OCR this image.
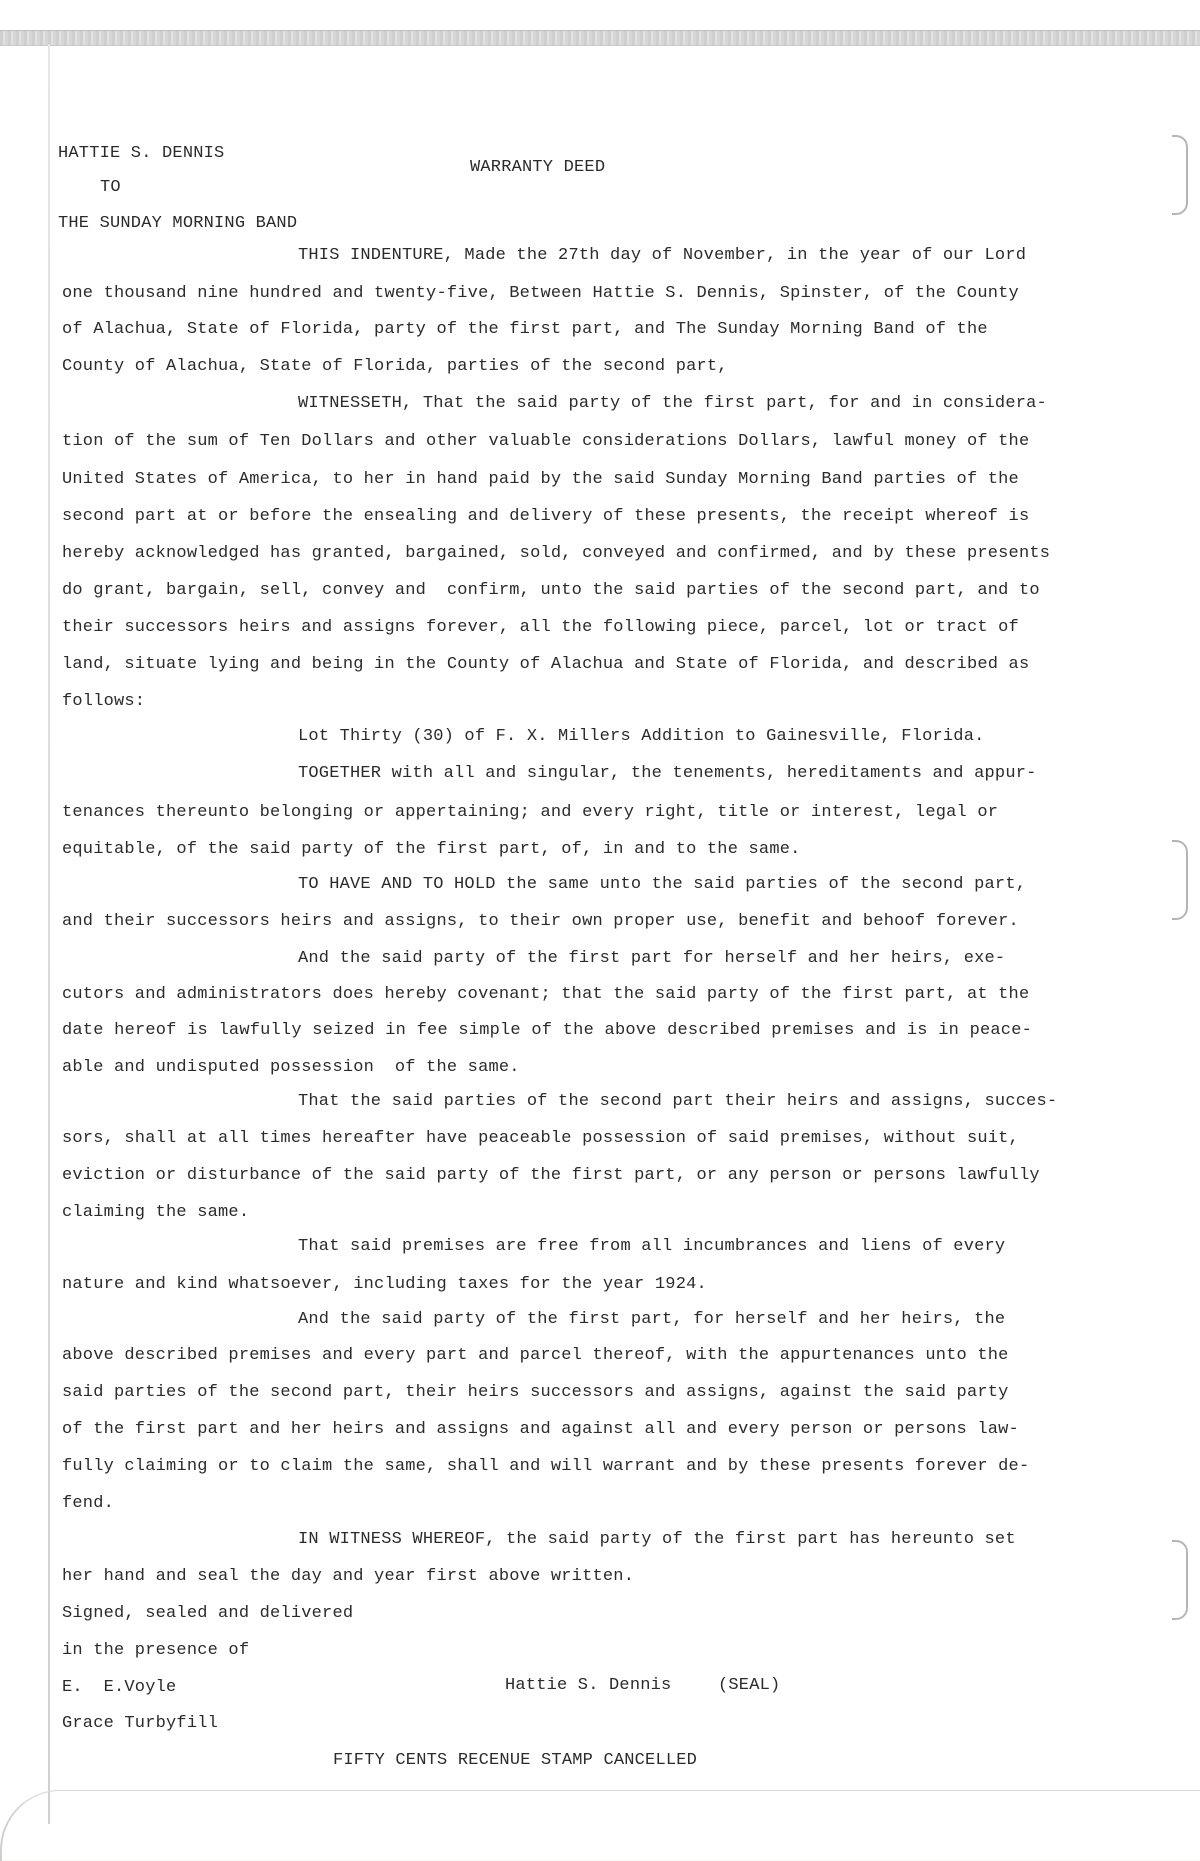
HATTIE S. DENNIS
WARRANTY DEED
TO
THE SUNDAY MORNING BAND
THIS INDENTURE, Made the 27th day of November, in the year of our Lord
one thousand nine hundred and twenty-five, Between Hattie S. Dennis, Spinster, of the County
of Alachua, State of Florida, party of the first part, and The Sunday Morning Band of the
County of Alachua, State of Florida, parties of the second part,
WITNESSETH, That the said party of the first part, for and in considera-
tion of the sum of Ten Dollars and other valuable considerations Dollars, lawful money of the
United States of America, to her in hand paid by the said Sunday Morning Band parties of the
second part at or before the ensealing and delivery of these presents, the receipt whereof is
hereby acknowledged has granted, bargained, sold, conveyed and confirmed, and by these presents
do grant, bargain, sell, convey and  confirm, unto the said parties of the second part, and to
their successors heirs and assigns forever, all the following piece, parcel, lot or tract of
land, situate lying and being in the County of Alachua and State of Florida, and described as
follows:
Lot Thirty (30) of F. X. Millers Addition to Gainesville, Florida.
TOGETHER with all and singular, the tenements, hereditaments and appur-
tenances thereunto belonging or appertaining; and every right, title or interest, legal or
equitable, of the said party of the first part, of, in and to the same.
TO HAVE AND TO HOLD the same unto the said parties of the second part,
and their successors heirs and assigns, to their own proper use, benefit and behoof forever.
And the said party of the first part for herself and her heirs, exe-
cutors and administrators does hereby covenant; that the said party of the first part, at the
date hereof is lawfully seized in fee simple of the above described premises and is in peace-
able and undisputed possession  of the same.
That the said parties of the second part their heirs and assigns, succes-
sors, shall at all times hereafter have peaceable possession of said premises, without suit,
eviction or disturbance of the said party of the first part, or any person or persons lawfully
claiming the same.
That said premises are free from all incumbrances and liens of every
nature and kind whatsoever, including taxes for the year 1924.
And the said party of the first part, for herself and her heirs, the
above described premises and every part and parcel thereof, with the appurtenances unto the
said parties of the second part, their heirs successors and assigns, against the said party
of the first part and her heirs and assigns and against all and every person or persons law-
fully claiming or to claim the same, shall and will warrant and by these presents forever de-
fend.
IN WITNESS WHEREOF, the said party of the first part has hereunto set
her hand and seal the day and year first above written.
Signed, sealed and delivered
in the presence of
E.  E.Voyle	Hattie S. Dennis	(SEAL)
Grace Turbyfill
FIFTY CENTS RECENUE STAMP CANCELLED
